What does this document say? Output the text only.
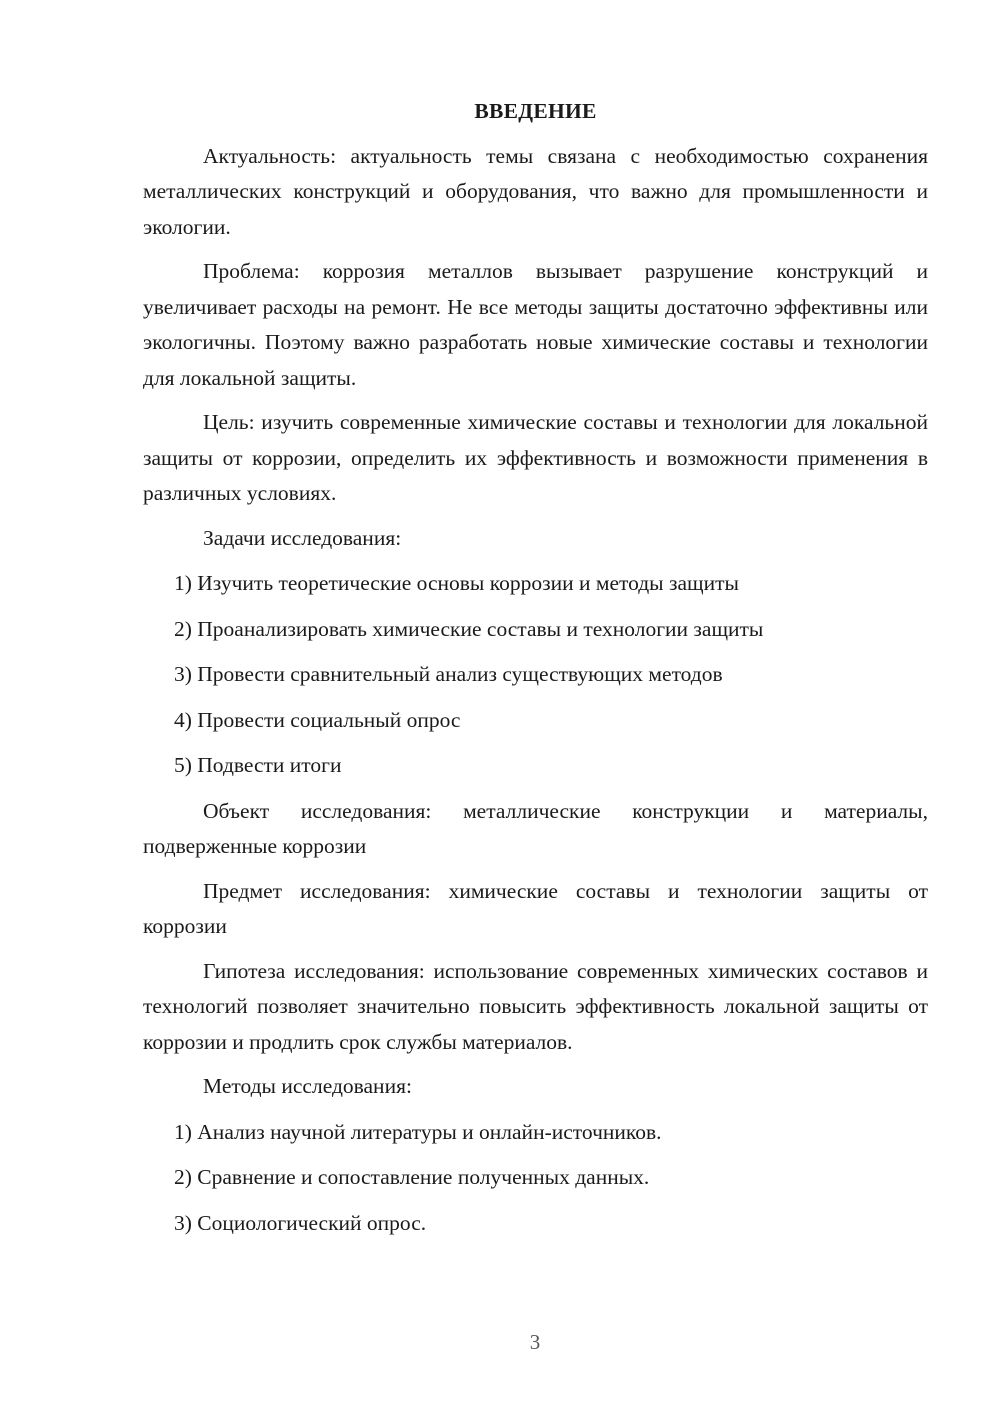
ВВЕДЕНИЕ

Актуальность: актуальность темы связана с необходимостью сохранения металлических конструкций и оборудования, что важно для промышленности и экологии.

Проблема: коррозия металлов вызывает разрушение конструкций и увеличивает расходы на ремонт. Не все методы защиты достаточно эффективны или экологичны. Поэтому важно разработать новые химические составы и технологии для локальной защиты.

Цель: изучить современные химические составы и технологии для локальной защиты от коррозии, определить их эффективность и возможности применения в различных условиях.

Задачи исследования:

1) Изучить теоретические основы коррозии и методы защиты
2) Проанализировать химические составы и технологии защиты
3) Провести сравнительный анализ существующих методов
4) Провести социальный опрос
5) Подвести итоги

Объект исследования: металлические конструкции и материалы, подверженные коррозии

Предмет исследования: химические составы и технологии защиты от коррозии

Гипотеза исследования: использование современных химических составов и технологий позволяет значительно повысить эффективность локальной защиты от коррозии и продлить срок службы материалов.

Методы исследования:

1) Анализ научной литературы и онлайн-источников.
2) Сравнение и сопоставление полученных данных.
3) Социологический опрос.
3
